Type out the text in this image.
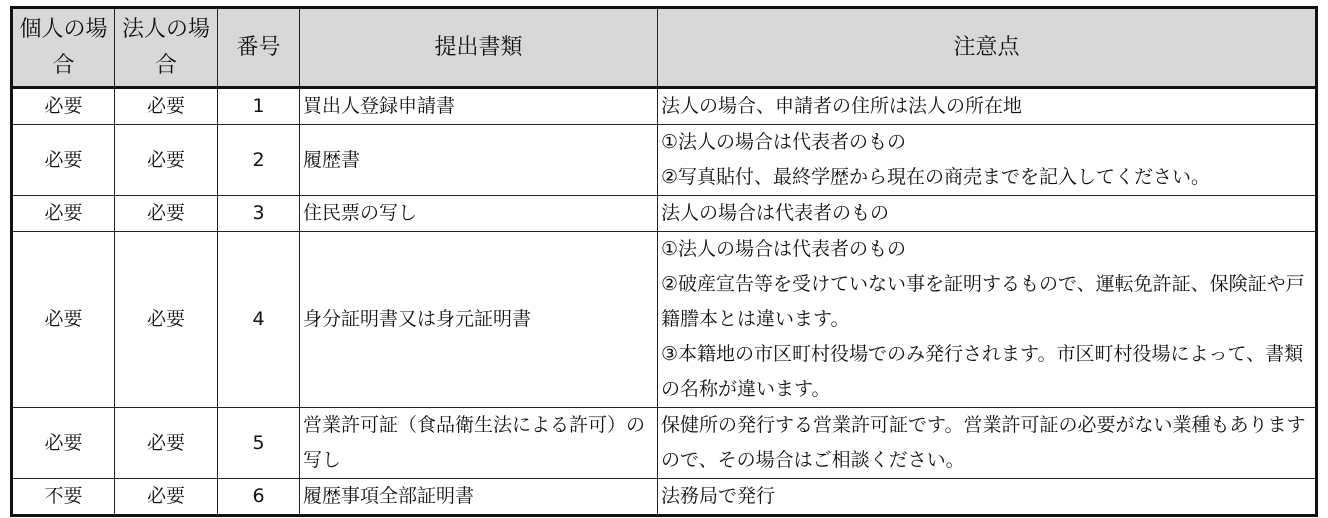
個人の場合	法人の場合	番号	提出書類	注意点
必要	必要	1	買出人登録申請書	法人の場合、申請者の住所は法人の所在地

必要	必要	2	履歴書	①法人の場合は代表者のもの
②写真貼付、最終学歴から現在の商売までを記入してください。

必要	必要	3	住民票の写し	法人の場合は代表者のもの

必要	必要	4	身分証明書又は身元証明書	①法人の場合は代表者のもの
②破産宣告等を受けていない事を証明するもので、運転免許証、保険証や戸籍謄本とは違います。
③本籍地の市区町村役場でのみ発行されます。市区町村役場によって、書類の名称が違います。

必要	必要	5	営業許可証（食品衛生法による許可）の写し	保健所の発行する営業許可証です。営業許可証の必要がない業種もありますので、その場合はご相談ください。

不要	必要	6	履歴事項全部証明書	法務局で発行
